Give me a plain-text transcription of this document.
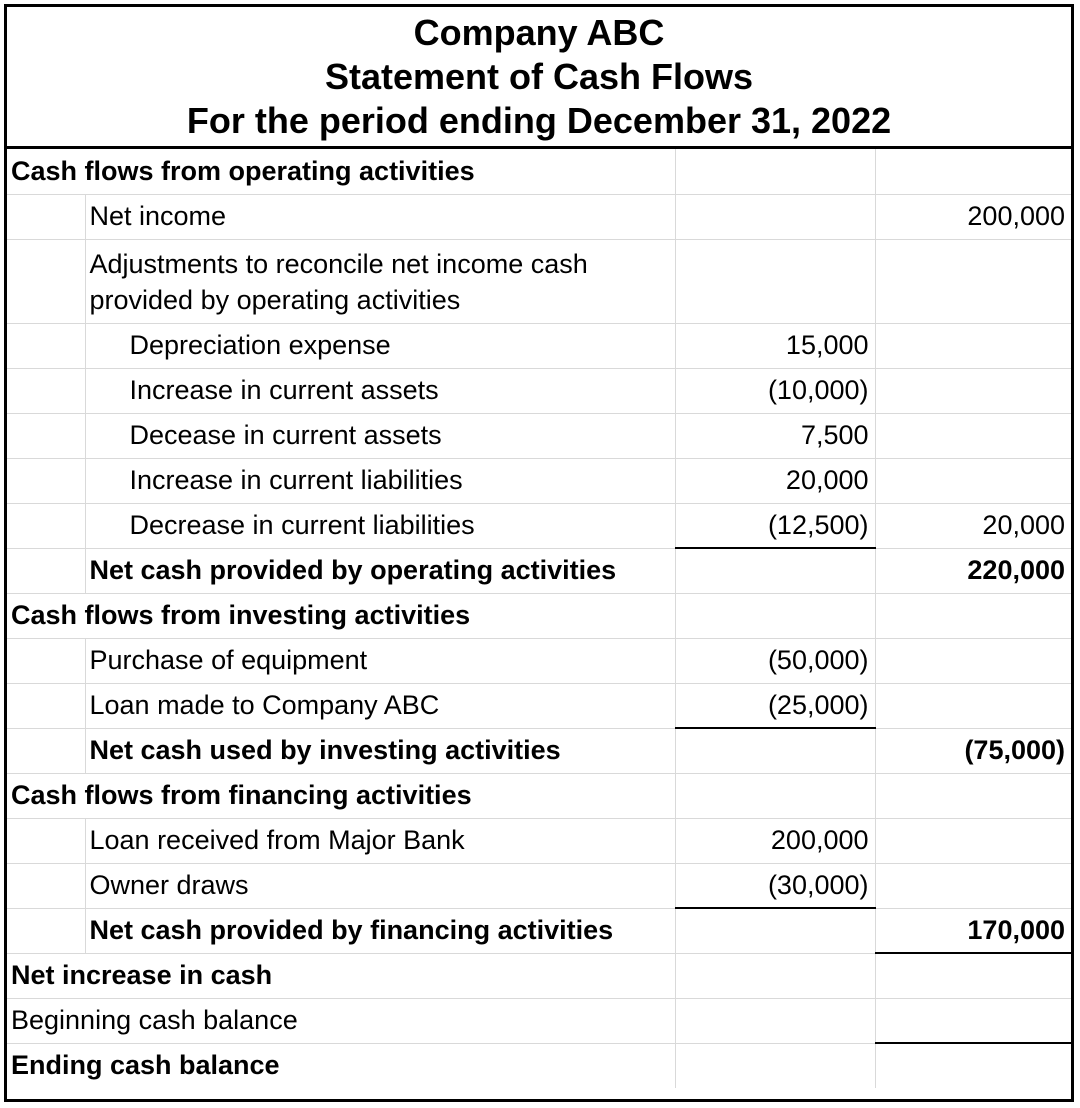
Company ABC
Statement of Cash Flows
For the period ending December 31, 2022
Cash flows from operating activities			
	Net income		200,000
	Adjustments to reconcile net income cash provided by operating activities		
	Depreciation expense	15,000	
	Increase in current assets	(10,000)	
	Decease in current assets	7,500	
	Increase in current liabilities	20,000	
	Decrease in current liabilities	(12,500)	20,000
	Net cash provided by operating activities		220,000
Cash flows from investing activities			
	Purchase of equipment	(50,000)	
	Loan made to Company ABC	(25,000)	
	Net cash used by investing activities		(75,000)
Cash flows from financing activities			
	Loan received from Major Bank	200,000	
	Owner draws	(30,000)	
	Net cash provided by financing activities		170,000
Net increase in cash			
Beginning cash balance			
Ending cash balance			
